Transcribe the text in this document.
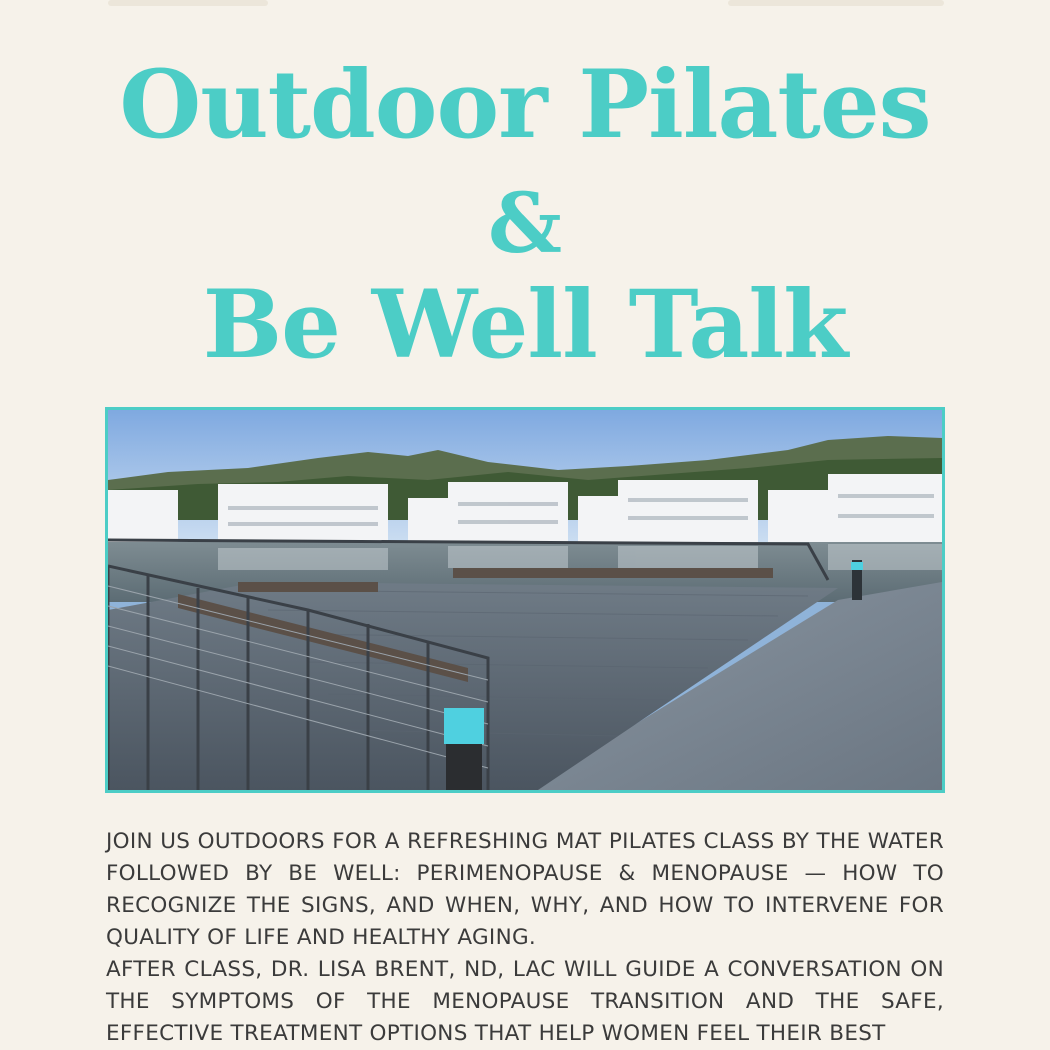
Outdoor Pilates
&
Be Well Talk

JOIN US OUTDOORS FOR A REFRESHING MAT PILATES CLASS BY THE WATER FOLLOWED BY BE WELL: PERIMENOPAUSE & MENOPAUSE — HOW TO RECOGNIZE THE SIGNS, AND WHEN, WHY, AND HOW TO INTERVENE FOR QUALITY OF LIFE AND HEALTHY AGING.

AFTER CLASS, DR. LISA BRENT, ND, LAC WILL GUIDE A CONVERSATION ON THE SYMPTOMS OF THE MENOPAUSE TRANSITION AND THE SAFE, EFFECTIVE TREATMENT OPTIONS THAT HELP WOMEN FEEL THEIR BEST
